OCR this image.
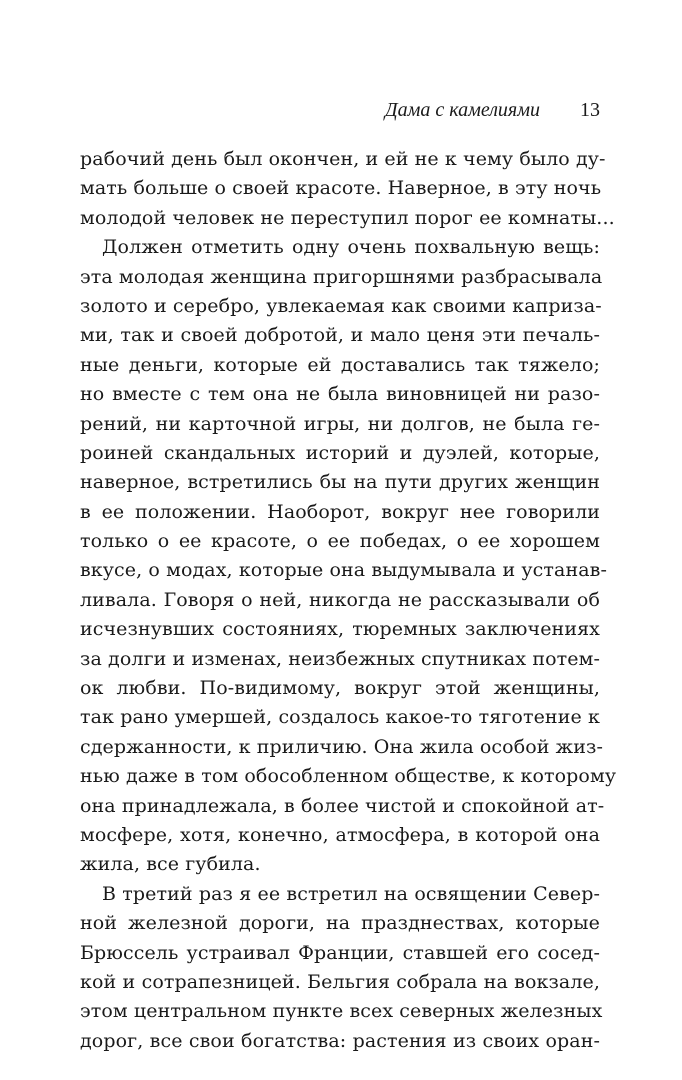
Дама с камелиями 13
рабочий день был окончен, и ей не к чему было ду-
мать больше о своей красоте. Наверное, в эту ночь
молодой человек не переступил порог ее комнаты...
Должен отметить одну очень похвальную вещь:
эта молодая женщина пригоршнями разбрасывала
золото и серебро, увлекаемая как своими каприза-
ми, так и своей добротой, и мало ценя эти печаль-
ные деньги, которые ей доставались так тяжело;
но вместе с тем она не была виновницей ни разо-
рений, ни карточной игры, ни долгов, не была ге-
роиней скандальных историй и дуэлей, которые,
наверное, встретились бы на пути других женщин
в ее положении. Наоборот, вокруг нее говорили
только о ее красоте, о ее победах, о ее хорошем
вкусе, о модах, которые она выдумывала и устанав-
ливала. Говоря о ней, никогда не рассказывали об
исчезнувших состояниях, тюремных заключениях
за долги и изменах, неизбежных спутниках потем-
ок любви. По-видимому, вокруг этой женщины,
так рано умершей, создалось какое-то тяготение к
сдержанности, к приличию. Она жила особой жиз-
нью даже в том обособленном обществе, к которому
она принадлежала, в более чистой и спокойной ат-
мосфере, хотя, конечно, атмосфера, в которой она
жила, все губила.
В третий раз я ее встретил на освящении Север-
ной железной дороги, на празднествах, которые
Брюссель устраивал Франции, ставшей его сосед-
кой и сотрапезницей. Бельгия собрала на вокзале,
этом центральном пункте всех северных железных
дорог, все свои богатства: растения из своих оран-
